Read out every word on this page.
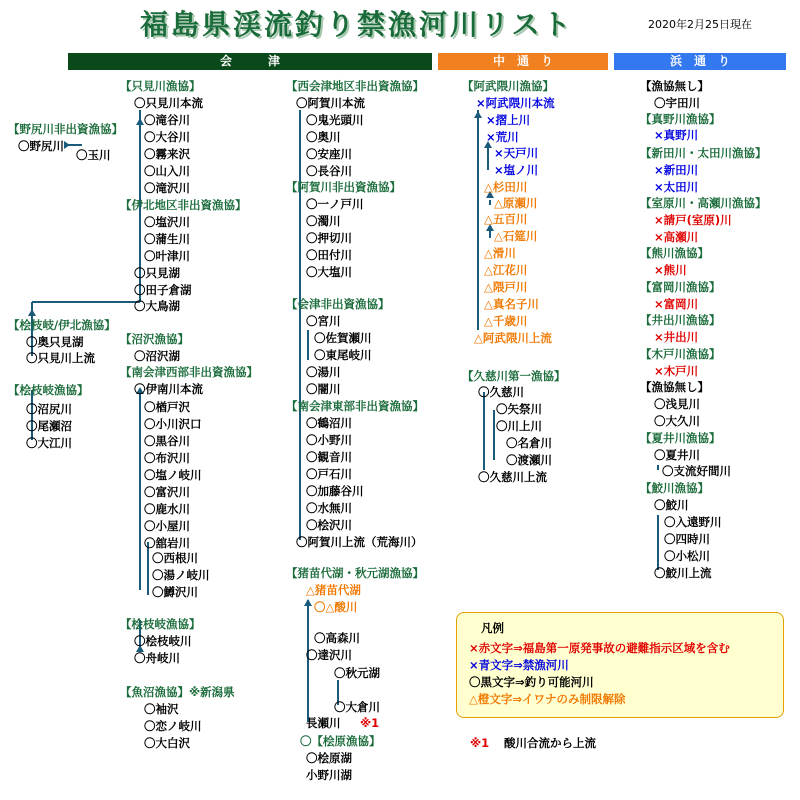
福島県渓流釣り禁漁河川リスト	2020年2月25日現在
会　　　津	中　通　り	浜　通　り
【只見川漁協】
〇只見川本流
〇滝谷川
〇大谷川
〇霧来沢
〇山入川
〇滝沢川
【野尻川非出資漁協】
〇野尻川
〇玉川
【伊北地区非出資漁協】
〇塩沢川
〇蒲生川
〇叶津川
〇只見湖
〇田子倉湖
〇大鳥湖
【桧枝岐/伊北漁協】
〇奥只見湖
〇只見川上流
【桧枝岐漁協】
〇沼尻川
〇尾瀬沼
〇大江川
【沼沢漁協】
〇沼沢湖
【南会津西部非出資漁協】
〇伊南川本流
〇楢戸沢
〇小川沢口
〇黒谷川
〇布沢川
〇塩ノ岐川
〇富沢川
〇鹿水川
〇小屋川
〇舘岩川
〇西根川
〇湯ノ岐川
〇鱒沢川
【桧枝岐漁協】
〇桧枝岐川
〇舟岐川
【魚沼漁協】※新潟県
〇袖沢
〇恋ノ岐川
〇大白沢
【西会津地区非出資漁協】
〇阿賀川本流
〇鬼光頭川
〇奥川
〇安座川
〇長谷川
【阿賀川非出資漁協】
〇一ノ戸川
〇濁川
〇押切川
〇田付川
〇大塩川
【会津非出資漁協】
〇宮川
〇佐賀瀬川
〇東尾岐川
〇湯川
〇闇川
【南会津東部非出資漁協】
〇鶴沼川
〇小野川
〇観音川
〇戸石川
〇加藤谷川
〇水無川
〇桧沢川
〇阿賀川上流（荒海川）
【猪苗代湖・秋元湖漁協】
△猪苗代湖
〇△酸川
〇高森川
〇達沢川
〇秋元湖
〇大倉川
長瀬川 ※1
〇【桧原漁協】
〇桧原湖
小野川湖
【阿武隈川漁協】
×阿武隈川本流
×摺上川
×荒川
×天戸川
×塩ノ川
△杉田川
△原瀬川
△五百川
△石筵川
△滑川
△江花川
△隈戸川
△真名子川
△千歳川
△阿武隈川上流
【久慈川第一漁協】
〇久慈川
〇矢祭川
〇川上川
〇名倉川
〇渡瀬川
〇久慈川上流
【漁協無し】
〇宇田川
【真野川漁協】
×真野川
【新田川・太田川漁協】
×新田川
×太田川
【室原川・高瀬川漁協】
×請戸(室原)川
×高瀬川
【熊川漁協】
×熊川
【富岡川漁協】
×富岡川
【井出川漁協】
×井出川
【木戸川漁協】
×木戸川
【漁協無し】
〇浅見川
〇大久川
【夏井川漁協】
〇夏井川
〇支流好間川
【鮫川漁協】
〇鮫川
〇入遠野川
〇四時川
〇小松川
〇鮫川上流
凡例
×赤文字⇒福島第一原発事故の避難指示区域を含む
×青文字⇒禁漁河川
〇黒文字⇒釣り可能河川
△橙文字⇒イワナのみ制限解除
※1 酸川合流から上流
